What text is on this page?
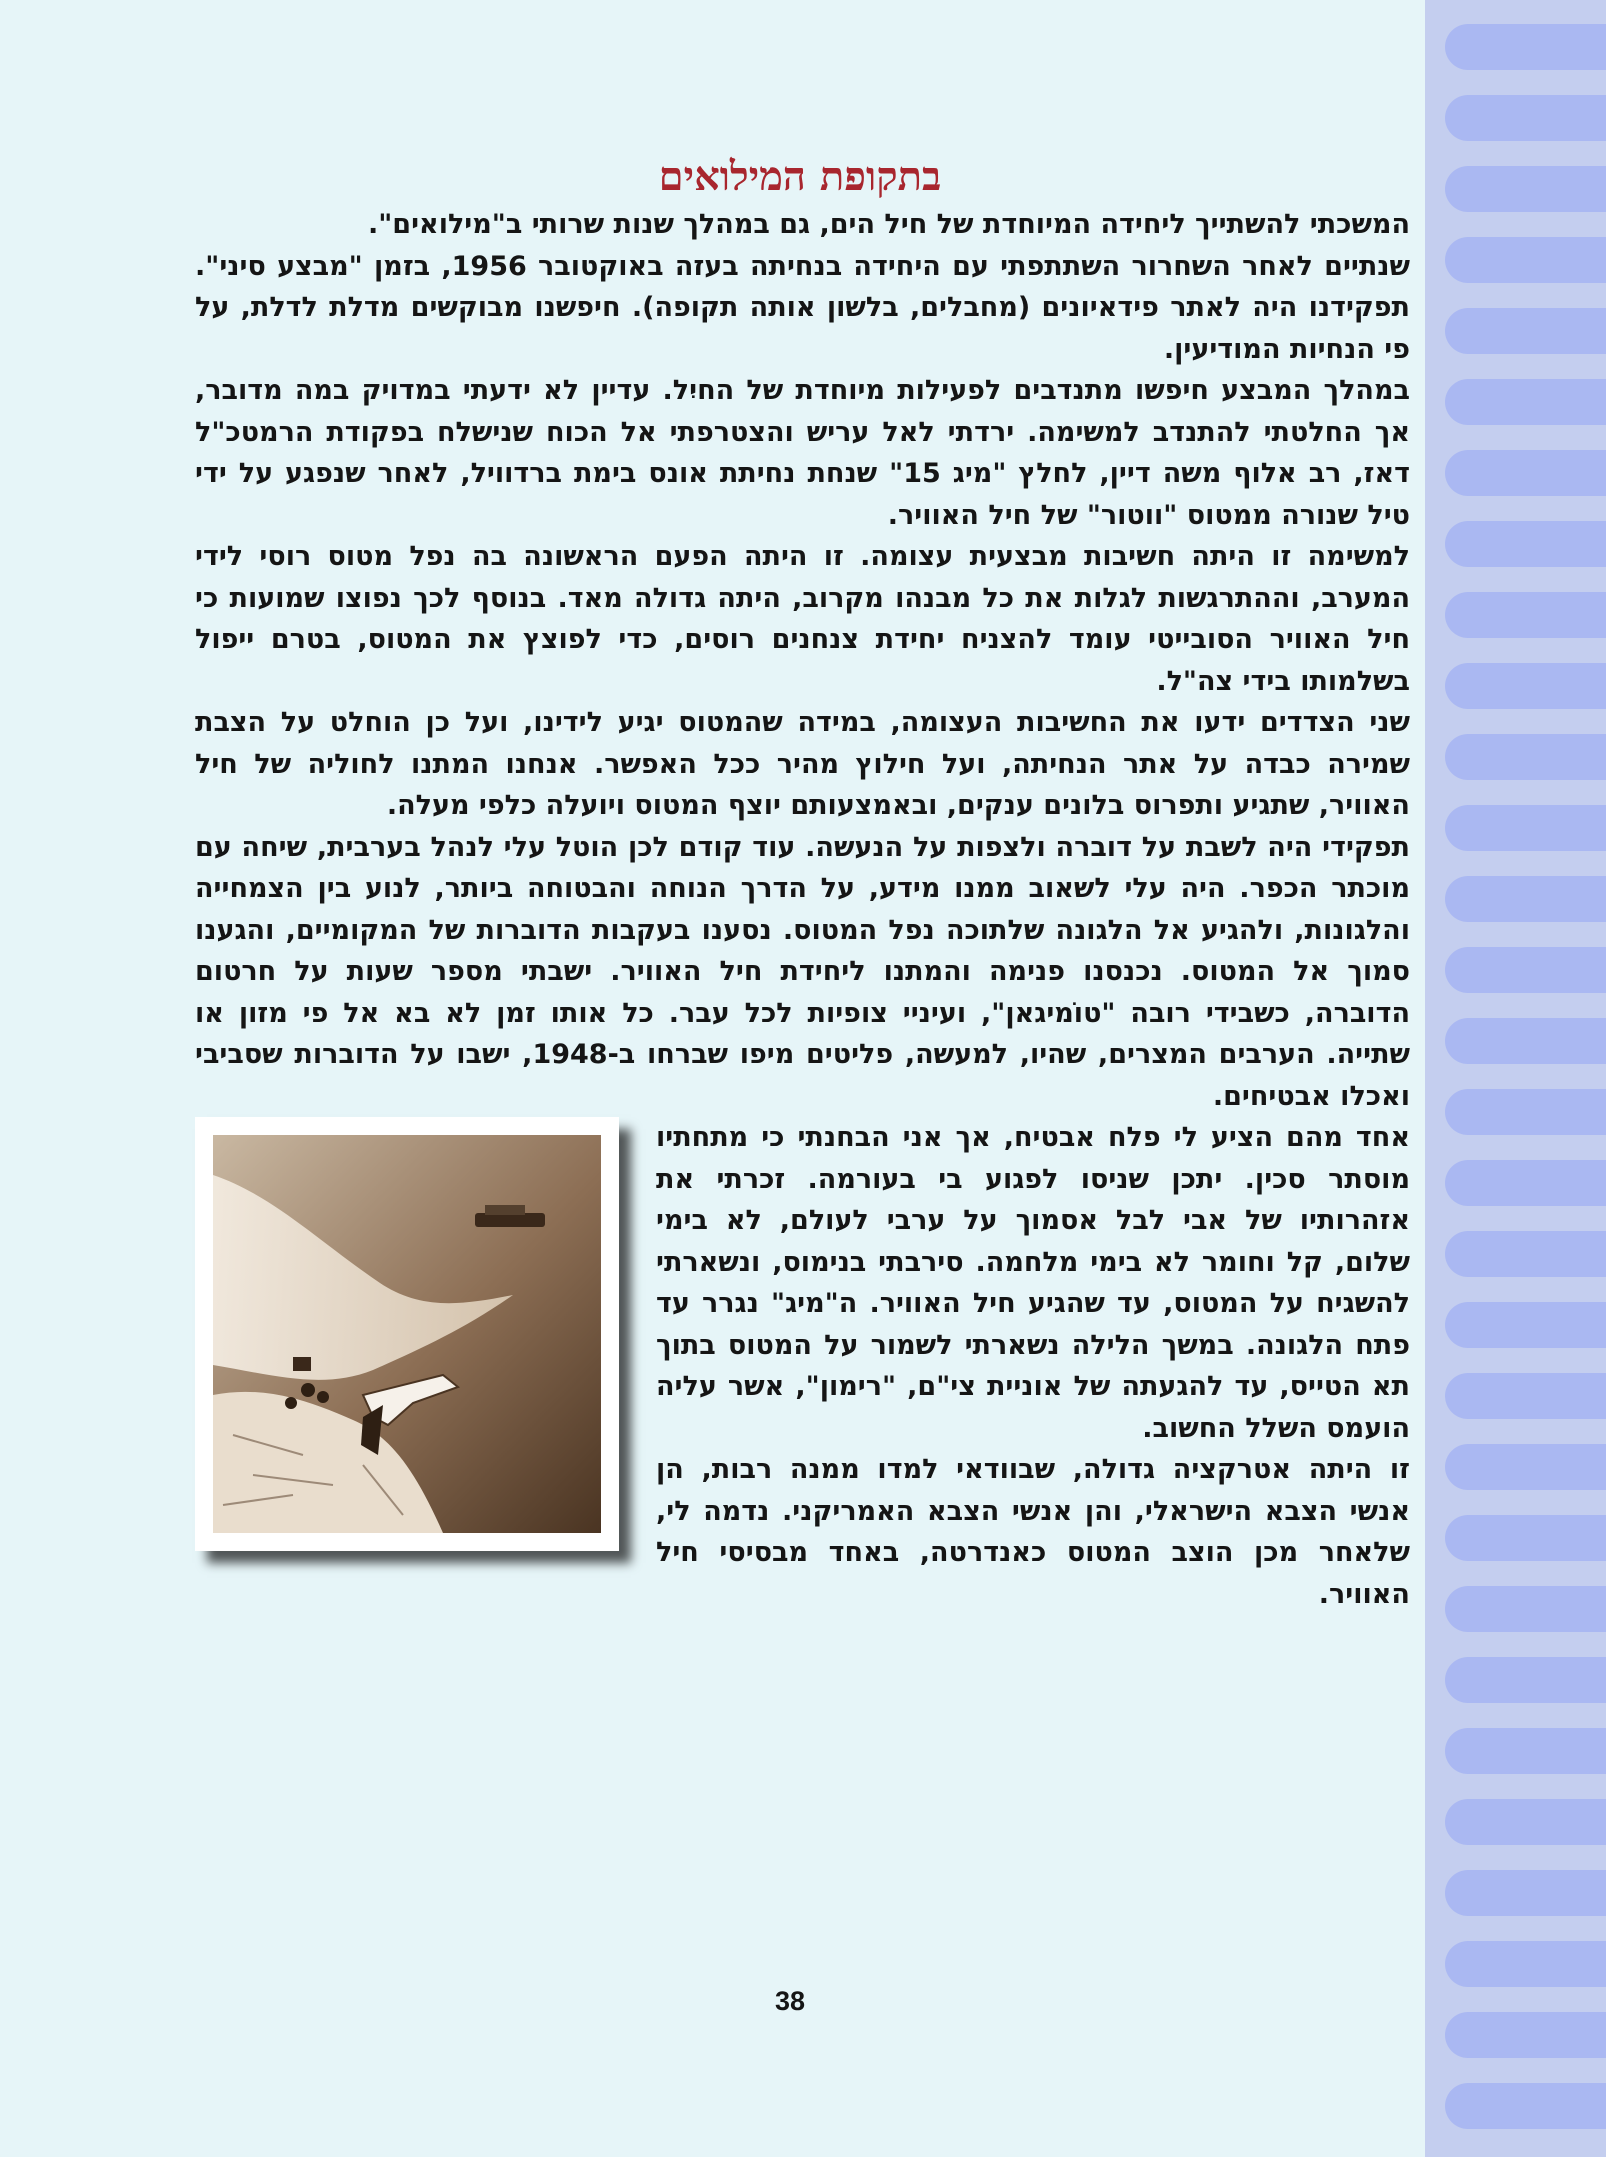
בתקופת המילואים

המשכתי להשתייך ליחידה המיוחדת של חיל הים, גם במהלך שנות שרותי ב"מילואים".

שנתיים לאחר השחרור השתתפתי עם היחידה בנחיתה בעזה באוקטובר 1956, בזמן "מבצע סיני". תפקידנו היה לאתר פידאיונים (מחבלים, בלשון אותה תקופה). חיפשנו מבוקשים מדלת לדלת, על פי הנחיות המודיעין.

במהלך המבצע חיפשו מתנדבים לפעילות מיוחדת של החיִל. עדיין לא ידעתי במדויק במה מדובר, אך החלטתי להתנדב למשימה. ירדתי לאל עריש והצטרפתי אל הכוח שנישלח בפקודת הרמטכ"ל דאז, רב אלוף משה דיין, לחלץ "מיג 15" שנחת נחיתת אונס בימת ברדוויל, לאחר שנפגע על ידי טיל שנורה ממטוס "ווטור" של חיל האוויר.

למשימה זו היתה חשיבות מבצעית עצומה. זו היתה הפעם הראשונה בה נפל מטוס רוסי לידי המערב, וההתרגשות לגלות את כל מבנהו מקרוב, היתה גדולה מאד. בנוסף לכך נפוצו שמועות כי חיל האוויר הסובייטי עומד להצניח יחידת צנחנים רוסים, כדי לפוצץ את המטוס, בטרם ייפול בשלמותו בידי צה"ל.

שני הצדדים ידעו את החשיבות העצומה, במידה שהמטוס יגיע לידינו, ועל כן הוחלט על הצבת שמירה כבדה על אתר הנחיתה, ועל חילוץ מהיר ככל האפשר. אנחנו המתנו לחוליה של חיל האוויר, שתגיע ותפרוס בלונים ענקים, ובאמצעותם יוצף המטוס ויועלה כלפי מעלה.

תפקידי היה לשבת על דוברה ולצפות על הנעשה. עוד קודם לכן הוטל עלי לנהל בערבית, שיחה עם מוכתר הכפר. היה עלי לשאוב ממנו מידע, על הדרך הנוחה והבטוחה ביותר, לנוע בין הצמחייה והלגונות, ולהגיע אל הלגונה שלתוכה נפל המטוס. נסענו בעקבות הדוברות של המקומיים, והגענו סמוך אל המטוס. נכנסנו פנימה והמתנו ליחידת חיל האוויר. ישבתי מספר שעות על חרטום הדוברה, כשבידי רובה "טוֹמיגאן", ועיניי צופיות לכל עבר. כל אותו זמן לא בא אל פי מזון או שתייה. הערבים המצרים, שהיו, למעשה, פליטים מיפו שברחו ב-1948, ישבו על הדוברות שסביבי ואכלו אבטיחים.

אחד מהם הציע לי פלח אבטיח, אך אני הבחנתי כי מתחתיו מוסתר סכין. יתכן שניסו לפגוע בי בעורמה. זכרתי את אזהרותיו של אבי לבל אסמוך על ערבי לעולם, לא בימי שלום, קל וחומר לא בימי מלחמה. סירבתי בנימוס, ונשארתי להשגיח על המטוס, עד שהגיע חיל האוויר. ה"מיג" נגרר עד פתח הלגונה. במשך הלילה נשארתי לשמור על המטוס בתוך תא הטייס, עד להגעתה של אוניית צי"ם, "רימון", אשר עליה הועמס השלל החשוב.

זו היתה אטרקציה גדולה, שבוודאי למדו ממנה רבות, הן אנשי הצבא הישראלי, והן אנשי הצבא האמריקני. נדמה לי, שלאחר מכן הוצב המטוס כאנדרטה, באחד מבסיסי חיל האוויר.

38
